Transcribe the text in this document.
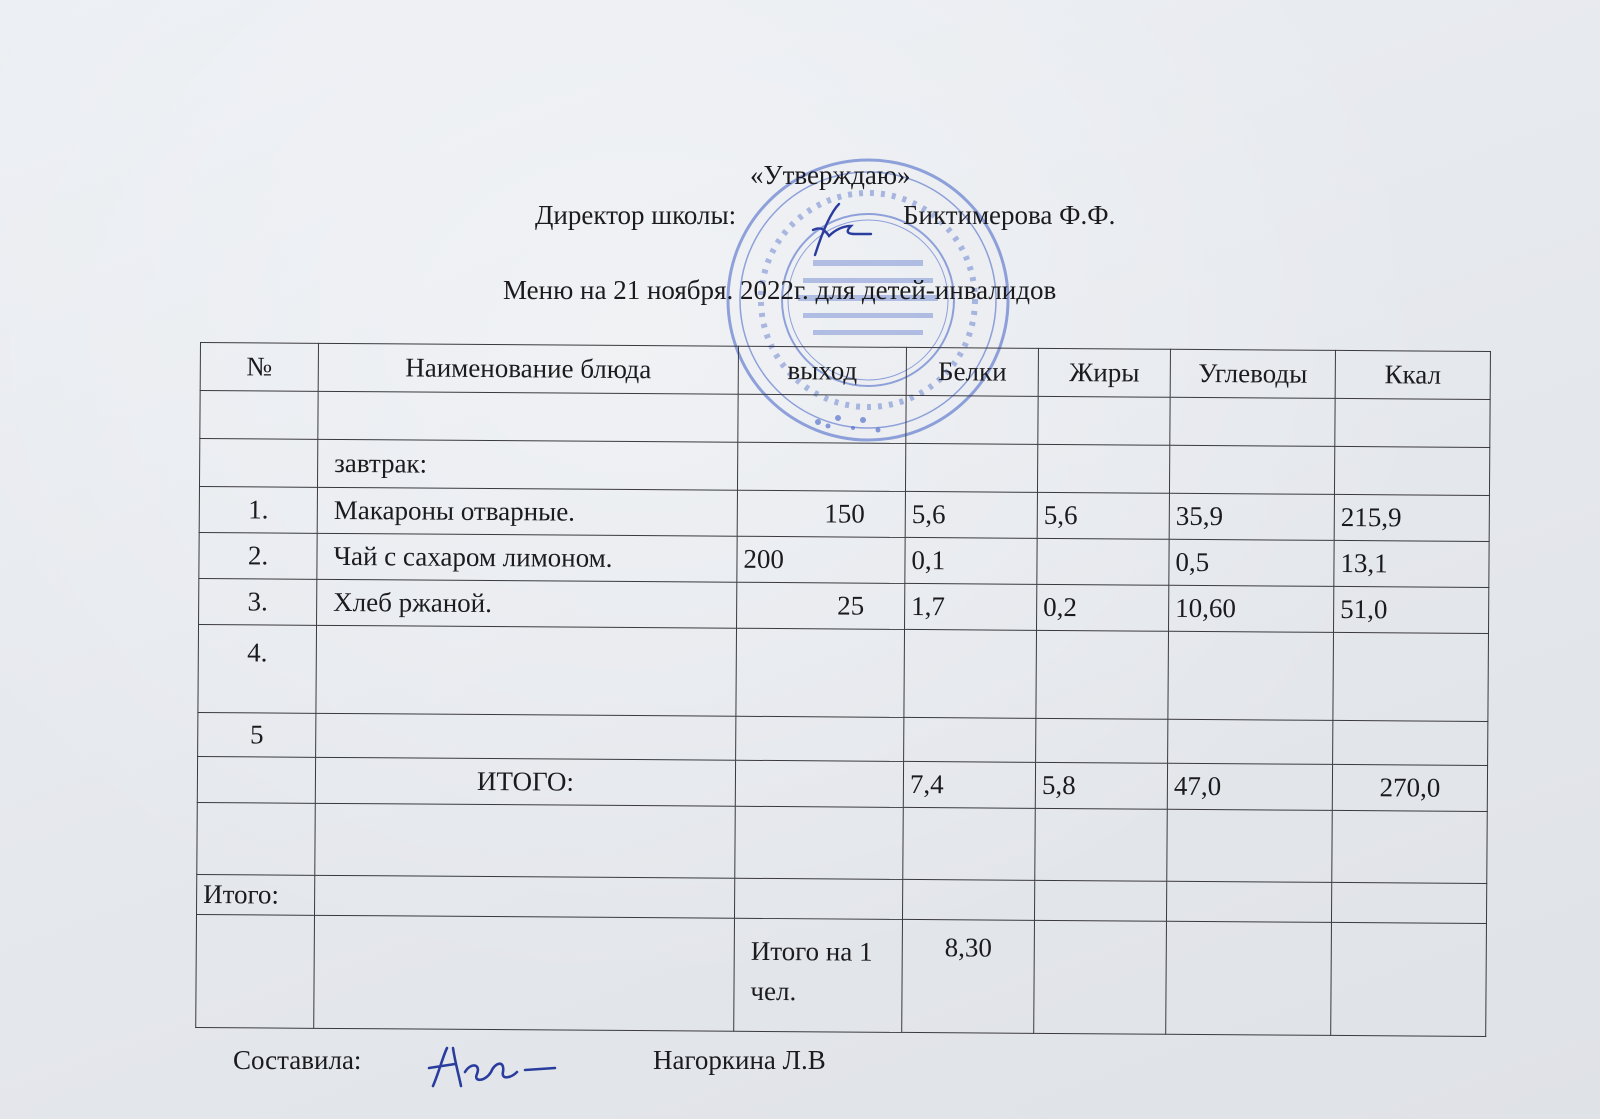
«Утверждаю»
Директор школы:	Биктимерова Ф.Ф.
Меню на 21 ноября. 2022г. для детей-инвалидов
№	Наименование блюда	выход	Белки	Жиры	Углеводы	Ккал

	завтрак:					
1.	Макароны отварные.	150	5,6	5,6	35,9	215,9
2.	Чай с сахаром лимоном.	200	0,1		0,5	13,1
3.	Хлеб ржаной.	25	1,7	0,2	10,60	51,0
4.						
5						
	ИТОГО:		7,4	5,8	47,0	270,0

Итого:						
		Итого на 1 чел.	8,30			
Составила:	Нагоркина Л.В
